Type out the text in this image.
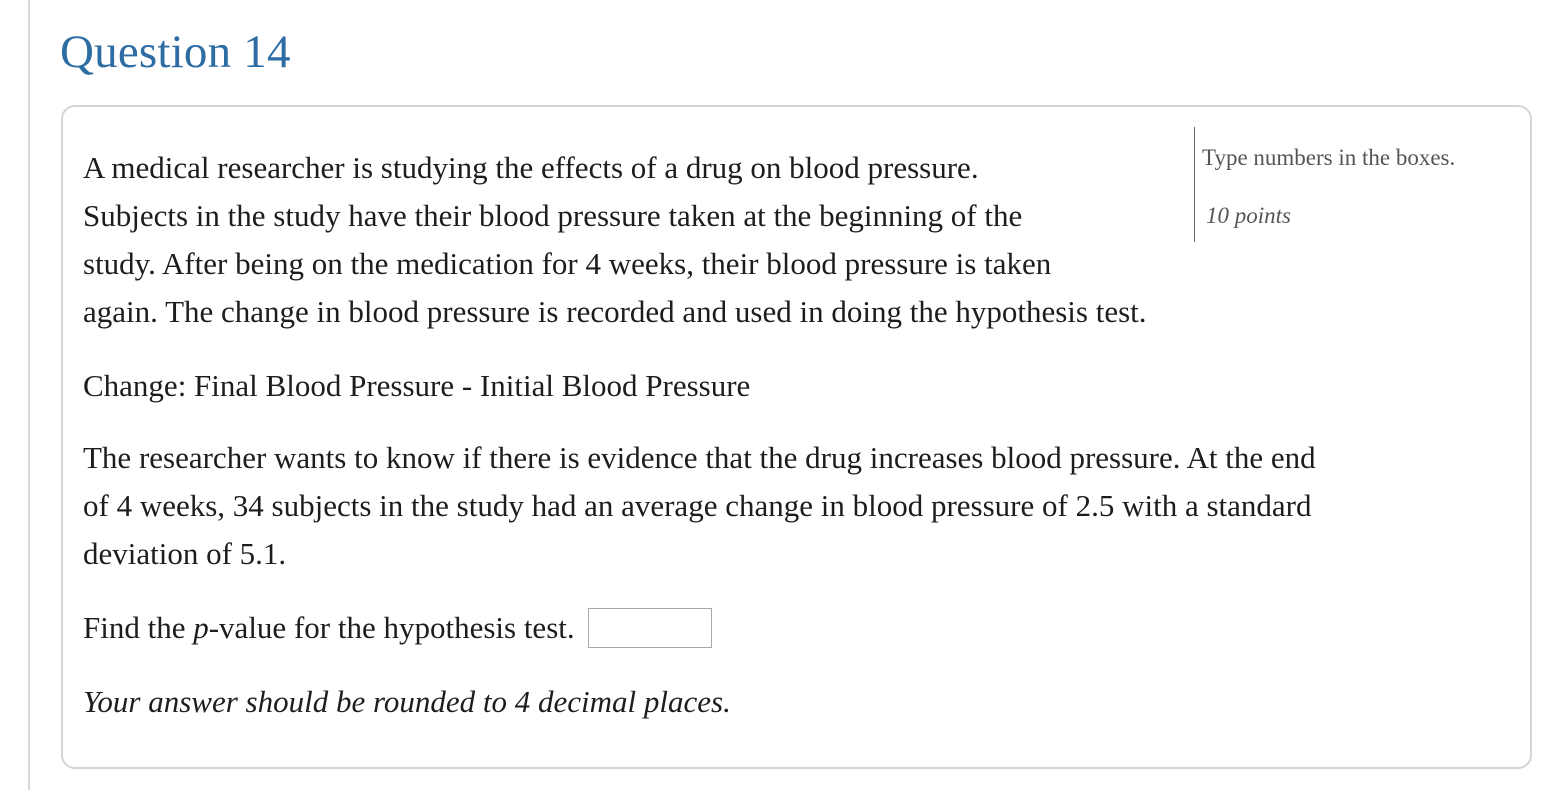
Question 14

Type numbers in the boxes.

10 points

A medical researcher is studying the effects of a drug on blood pressure.
Subjects in the study have their blood pressure taken at the beginning of the
study. After being on the medication for 4 weeks, their blood pressure is taken
again. The change in blood pressure is recorded and used in doing the hypothesis test.

Change: Final Blood Pressure - Initial Blood Pressure

The researcher wants to know if there is evidence that the drug increases blood pressure. At the end
of 4 weeks, 34 subjects in the study had an average change in blood pressure of 2.5 with a standard
deviation of 5.1.
Find the p-value for the hypothesis test.

Your answer should be rounded to 4 decimal places.
